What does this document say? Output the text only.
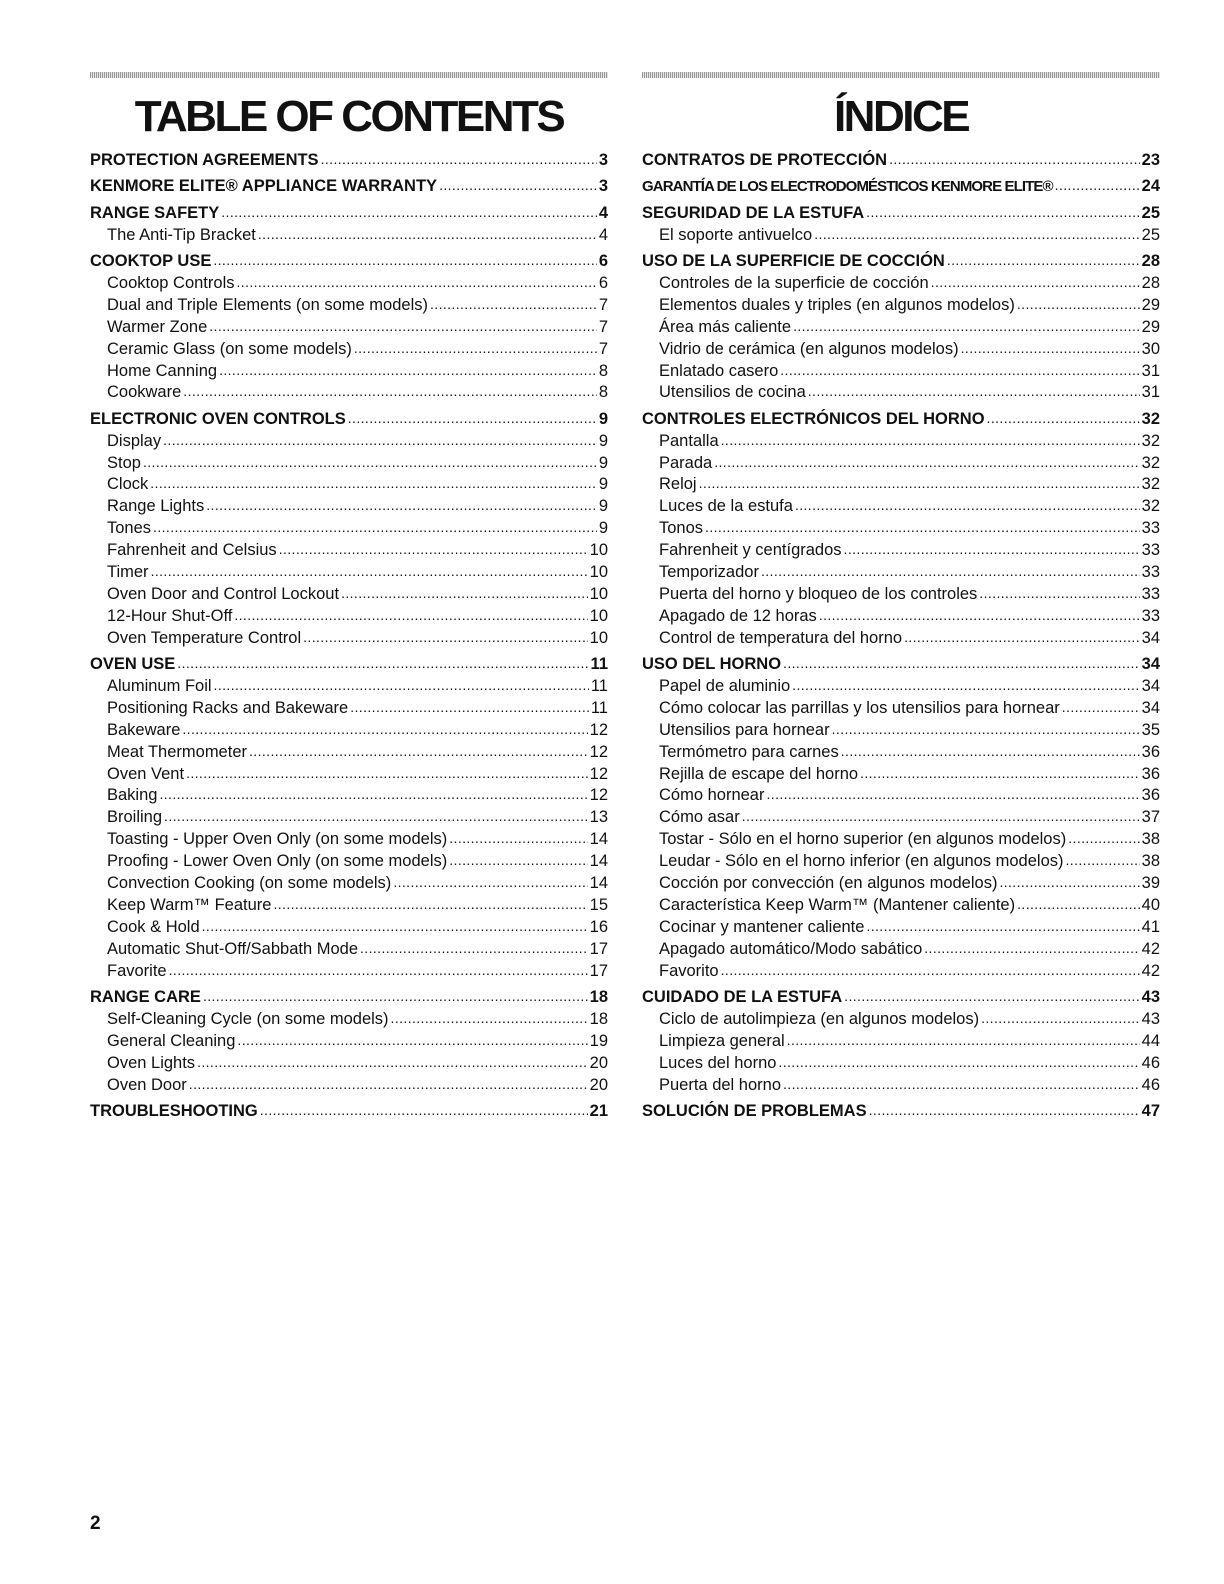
TABLE OF CONTENTS
PROTECTION AGREEMENTS .....	3
KENMORE ELITE® APPLIANCE WARRANTY .....	3
RANGE SAFETY .....	4
The Anti-Tip Bracket .....	4
COOKTOP USE .....	6
Cooktop Controls .....	6
Dual and Triple Elements (on some models) .....	7
Warmer Zone .....	7
Ceramic Glass (on some models) .....	7
Home Canning .....	8
Cookware .....	8
ELECTRONIC OVEN CONTROLS .....	9
Display .....	9
Stop .....	9
Clock .....	9
Range Lights .....	9
Tones .....	9
Fahrenheit and Celsius .....	10
Timer .....	10
Oven Door and Control Lockout .....	10
12-Hour Shut-Off .....	10
Oven Temperature Control .....	10
OVEN USE .....	11
Aluminum Foil .....	11
Positioning Racks and Bakeware .....	11
Bakeware .....	12
Meat Thermometer .....	12
Oven Vent .....	12
Baking .....	12
Broiling .....	13
Toasting - Upper Oven Only (on some models) .....	14
Proofing - Lower Oven Only (on some models) .....	14
Convection Cooking (on some models) .....	14
Keep Warm™ Feature .....	15
Cook & Hold .....	16
Automatic Shut-Off/Sabbath Mode .....	17
Favorite .....	17
RANGE CARE .....	18
Self-Cleaning Cycle (on some models) .....	18
General Cleaning .....	19
Oven Lights .....	20
Oven Door .....	20
TROUBLESHOOTING .....	21
ÍNDICE
CONTRATOS DE PROTECCIÓN .....	23
GARANTÍA DE LOS ELECTRODOMÉSTICOS KENMORE ELITE® .....	24
SEGURIDAD DE LA ESTUFA .....	25
El soporte antivuelco .....	25
USO DE LA SUPERFICIE DE COCCIÓN .....	28
Controles de la superficie de cocción .....	28
Elementos duales y triples (en algunos modelos) .....	29
Área más caliente .....	29
Vidrio de cerámica (en algunos modelos) .....	30
Enlatado casero .....	31
Utensilios de cocina .....	31
CONTROLES ELECTRÓNICOS DEL HORNO .....	32
Pantalla .....	32
Parada .....	32
Reloj .....	32
Luces de la estufa .....	32
Tonos .....	33
Fahrenheit y centígrados .....	33
Temporizador .....	33
Puerta del horno y bloqueo de los controles .....	33
Apagado de 12 horas .....	33
Control de temperatura del horno .....	34
USO DEL HORNO .....	34
Papel de aluminio .....	34
Cómo colocar las parrillas y los utensilios para hornear .....	34
Utensilios para hornear .....	35
Termómetro para carnes .....	36
Rejilla de escape del horno .....	36
Cómo hornear .....	36
Cómo asar .....	37
Tostar - Sólo en el horno superior (en algunos modelos) .....	38
Leudar - Sólo en el horno inferior (en algunos modelos) .....	38
Cocción por convección (en algunos modelos) .....	39
Característica Keep Warm™ (Mantener caliente) .....	40
Cocinar y mantener caliente .....	41
Apagado automático/Modo sabático .....	42
Favorito .....	42
CUIDADO DE LA ESTUFA .....	43
Ciclo de autolimpieza (en algunos modelos) .....	43
Limpieza general .....	44
Luces del horno .....	46
Puerta del horno .....	46
SOLUCIÓN DE PROBLEMAS .....	47
2
